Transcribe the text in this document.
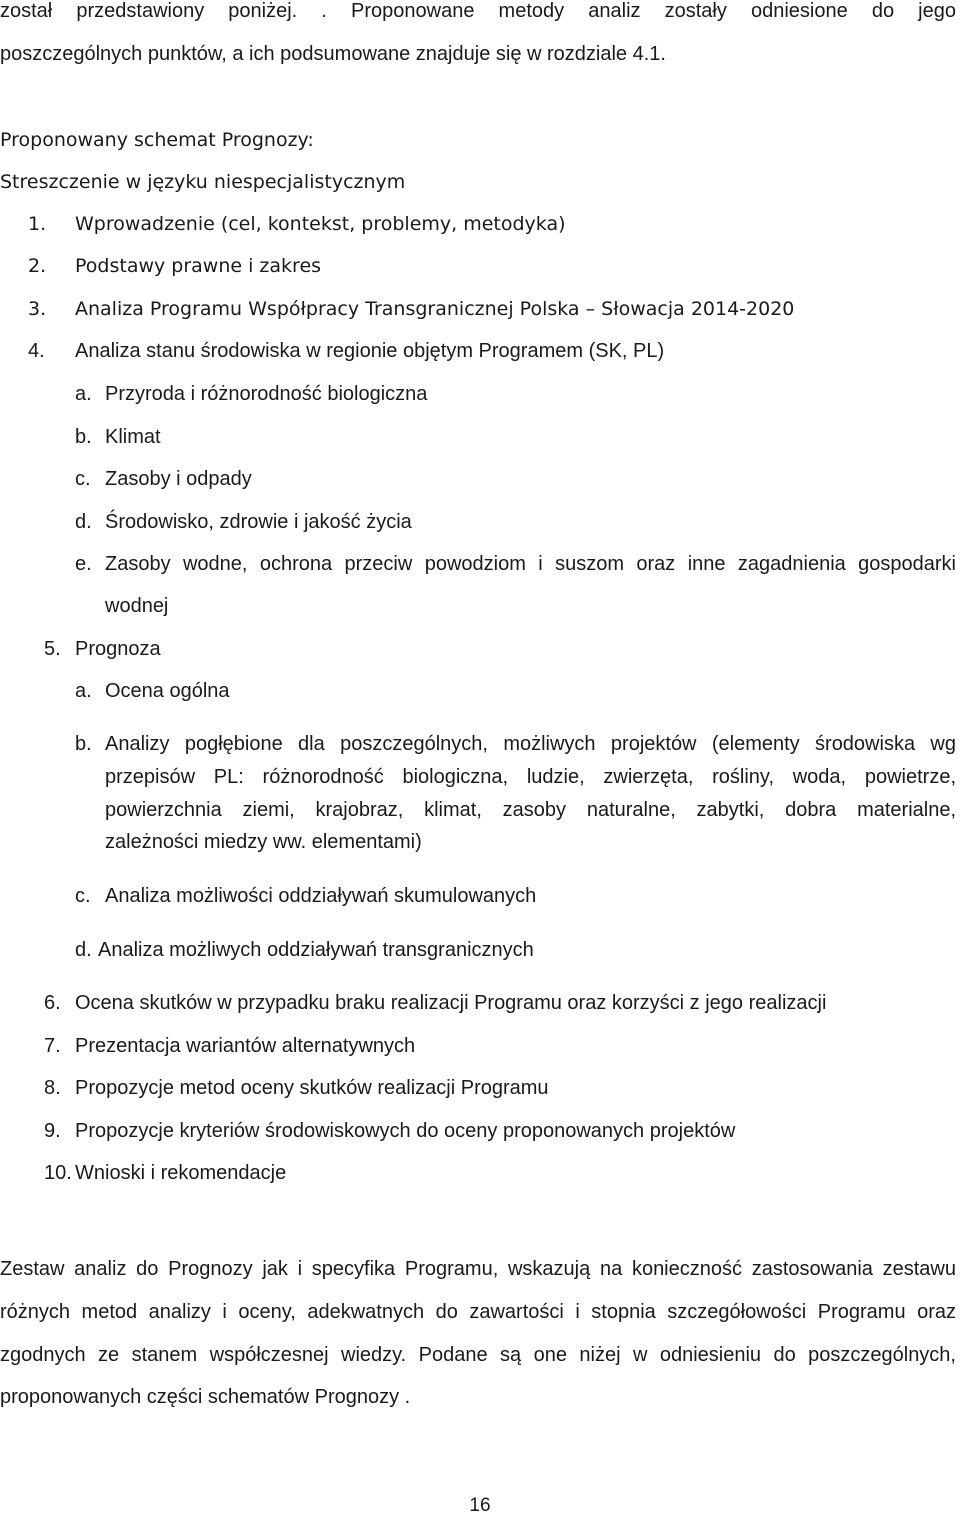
został przedstawiony poniżej. . Proponowane metody analiz zostały odniesione do jego
poszczególnych punktów, a ich podsumowane znajduje się w rozdziale 4.1.
Proponowany schemat Prognozy:
Streszczenie w języku niespecjalistycznym
1. Wprowadzenie (cel, kontekst, problemy, metodyka)
2. Podstawy prawne i zakres
3. Analiza Programu Współpracy Transgranicznej Polska – Słowacja 2014-2020
4. Analiza stanu środowiska w regionie objętym Programem (SK, PL)
a. Przyroda i różnorodność biologiczna
b. Klimat
c. Zasoby i odpady
d. Środowisko, zdrowie i jakość życia
e. Zasoby wodne, ochrona przeciw powodziom i suszom oraz inne zagadnienia gospodarki
wodnej
5. Prognoza
a. Ocena ogólna
b. Analizy pogłębione dla poszczególnych, możliwych projektów (elementy środowiska wg
przepisów PL: różnorodność biologiczna, ludzie, zwierzęta, rośliny, woda, powietrze,
powierzchnia ziemi, krajobraz, klimat, zasoby naturalne, zabytki, dobra materialne,
zależności miedzy ww. elementami)
c. Analiza możliwości oddziaływań skumulowanych
d. Analiza możliwych oddziaływań transgranicznych
6. Ocena skutków w przypadku braku realizacji Programu oraz korzyści z jego realizacji
7. Prezentacja wariantów alternatywnych
8. Propozycje metod oceny skutków realizacji Programu
9. Propozycje kryteriów środowiskowych do oceny proponowanych projektów
10. Wnioski i rekomendacje
Zestaw analiz do Prognozy jak i specyfika Programu, wskazują na konieczność zastosowania zestawu
różnych metod analizy i oceny, adekwatnych do zawartości i stopnia szczegółowości Programu oraz
zgodnych ze stanem współczesnej wiedzy. Podane są one niżej w odniesieniu do poszczególnych,
proponowanych części schematów Prognozy .
16
